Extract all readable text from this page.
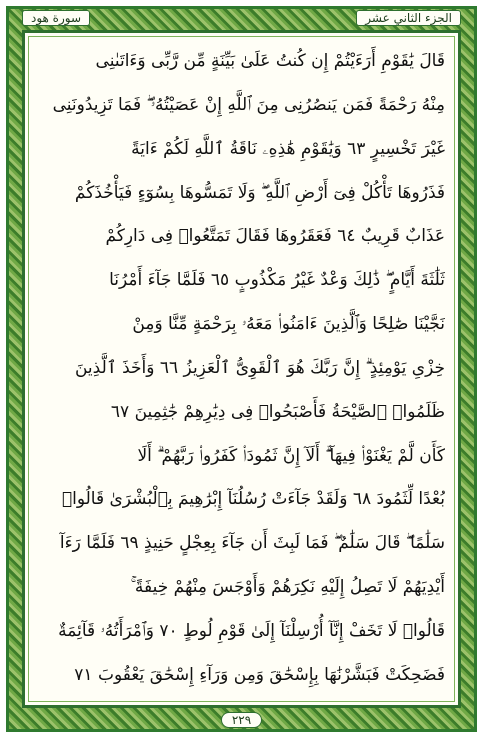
الجزء الثاني عشر
سورة هود
قَالَ يَٰقَوْمِ أَرَءَيْتُمْ إِن كُنتُ عَلَىٰ بَيِّنَةٍ مِّن رَّبِّى وَءَاتَىٰنِى
مِنْهُ رَحْمَةً فَمَن يَنصُرُنِى مِنَ ٱللَّهِ إِنْ عَصَيْتُهُۥ ۖ فَمَا تَزِيدُونَنِى
غَيْرَ تَخْسِيرٍ ٦٣ وَيَٰقَوْمِ هَٰذِهِۦ نَاقَةُ ٱللَّهِ لَكُمْ ءَايَةً
فَذَرُوهَا تَأْكُلْ فِىٓ أَرْضِ ٱللَّهِ ۖ وَلَا تَمَسُّوهَا بِسُوٓءٍ فَيَأْخُذَكُمْ
عَذَابٌ قَرِيبٌ ٦٤ فَعَقَرُوهَا فَقَالَ تَمَتَّعُوا۟ فِى دَارِكُمْ
ثَلَٰثَةَ أَيَّامٍ ۖ ذَٰلِكَ وَعْدٌ غَيْرُ مَكْذُوبٍ ٦٥ فَلَمَّا جَآءَ أَمْرُنَا
نَجَّيْنَا صَٰلِحًا وَٱلَّذِينَ ءَامَنُوا۟ مَعَهُۥ بِرَحْمَةٍ مِّنَّا وَمِنْ
خِزْىِ يَوْمِئِذٍ ۗ إِنَّ رَبَّكَ هُوَ ٱلْقَوِىُّ ٱلْعَزِيزُ ٦٦ وَأَخَذَ ٱلَّذِينَ
ظَلَمُوا۟ ٱلصَّيْحَةُ فَأَصْبَحُوا۟ فِى دِيَٰرِهِمْ جَٰثِمِينَ ٦٧
كَأَن لَّمْ يَغْنَوْا۟ فِيهَآ ۗ أَلَآ إِنَّ ثَمُودَا۟ كَفَرُوا۟ رَبَّهُمْ ۗ أَلَا
بُعْدًا لِّثَمُودَ ٦٨ وَلَقَدْ جَآءَتْ رُسُلُنَآ إِبْرَٰهِيمَ بِٱلْبُشْرَىٰ قَالُوا۟
سَلَٰمًا ۖ قَالَ سَلَٰمٌ ۖ فَمَا لَبِثَ أَن جَآءَ بِعِجْلٍ حَنِيذٍ ٦٩ فَلَمَّا رَءَآ
أَيْدِيَهُمْ لَا تَصِلُ إِلَيْهِ نَكِرَهُمْ وَأَوْجَسَ مِنْهُمْ خِيفَةً ۚ
قَالُوا۟ لَا تَخَفْ إِنَّآ أُرْسِلْنَآ إِلَىٰ قَوْمِ لُوطٍ ٧٠ وَٱمْرَأَتُهُۥ قَآئِمَةٌ
فَضَحِكَتْ فَبَشَّرْنَٰهَا بِإِسْحَٰقَ وَمِن وَرَآءِ إِسْحَٰقَ يَعْقُوبَ ٧١
٢٢٩
